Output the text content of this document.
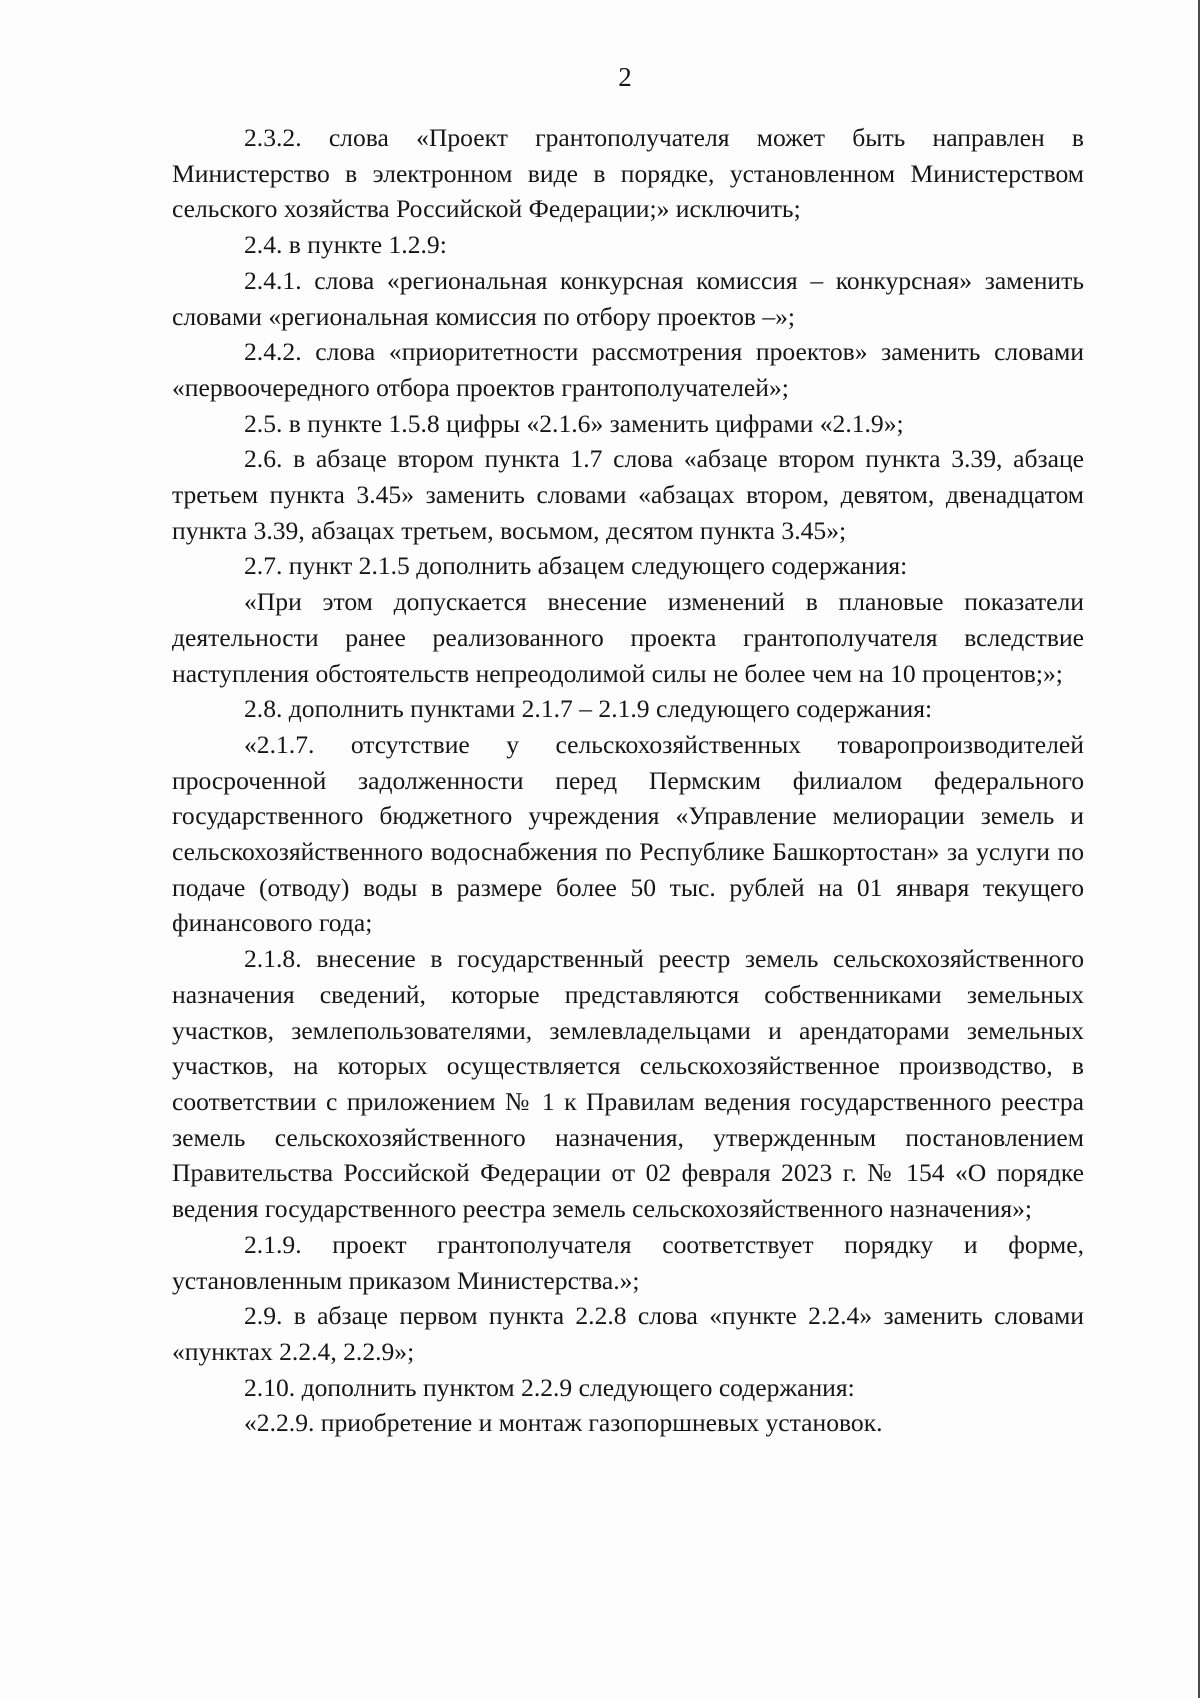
2

2.3.2. слова «Проект грантополучателя может быть направлен в Министерство в электронном виде в порядке, установленном Министерством сельского хозяйства Российской Федерации;» исключить;

2.4. в пункте 1.2.9:

2.4.1. слова «региональная конкурсная комиссия – конкурсная» заменить словами «региональная комиссия по отбору проектов –»;

2.4.2. слова «приоритетности рассмотрения проектов» заменить словами «первоочередного отбора проектов грантополучателей»;

2.5. в пункте 1.5.8 цифры «2.1.6» заменить цифрами «2.1.9»;

2.6. в абзаце втором пункта 1.7 слова «абзаце втором пункта 3.39, абзаце третьем пункта 3.45» заменить словами «абзацах втором, девятом, двенадцатом пункта 3.39, абзацах третьем, восьмом, десятом пункта 3.45»;

2.7. пункт 2.1.5 дополнить абзацем следующего содержания:

«При этом допускается внесение изменений в плановые показатели деятельности ранее реализованного проекта грантополучателя вследствие наступления обстоятельств непреодолимой силы не более чем на 10 процентов;»;

2.8. дополнить пунктами 2.1.7 – 2.1.9 следующего содержания:

«2.1.7. отсутствие у сельскохозяйственных товаропроизводителей просроченной задолженности перед Пермским филиалом федерального государственного бюджетного учреждения «Управление мелиорации земель и сельскохозяйственного водоснабжения по Республике Башкортостан» за услуги по подаче (отводу) воды в размере более 50 тыс. рублей на 01 января текущего финансового года;

2.1.8. внесение в государственный реестр земель сельскохозяйственного назначения сведений, которые представляются собственниками земельных участков, землепользователями, землевладельцами и арендаторами земельных участков, на которых осуществляется сельскохозяйственное производство, в соответствии с приложением № 1 к Правилам ведения государственного реестра земель сельскохозяйственного назначения, утвержденным постановлением Правительства Российской Федерации от 02 февраля 2023 г. № 154 «О порядке ведения государственного реестра земель сельскохозяйственного назначения»;

2.1.9. проект грантополучателя соответствует порядку и форме, установленным приказом Министерства.»;

2.9. в абзаце первом пункта 2.2.8 слова «пункте 2.2.4» заменить словами «пунктах 2.2.4, 2.2.9»;

2.10. дополнить пунктом 2.2.9 следующего содержания:

«2.2.9. приобретение и монтаж газопоршневых установок.
